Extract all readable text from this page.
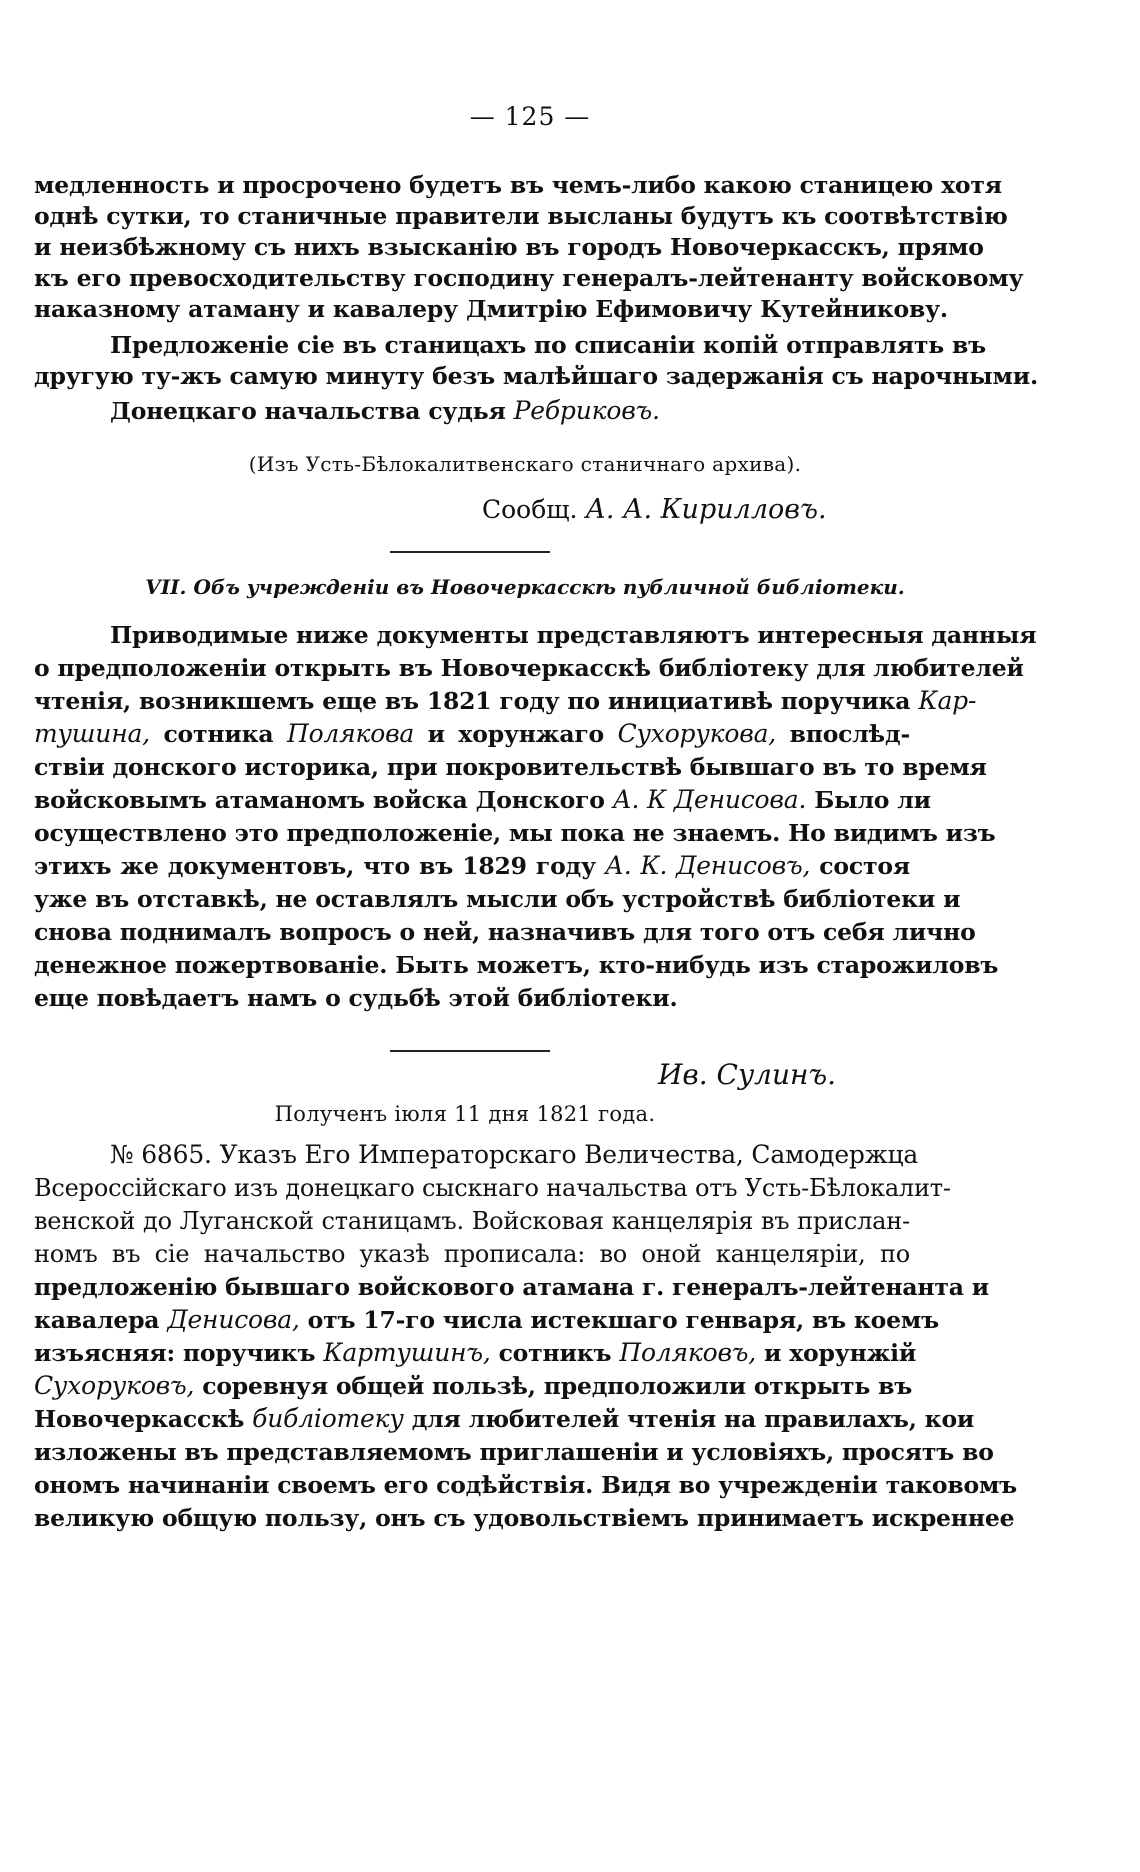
— 125 —
медленность и просрочено будетъ въ чемъ-либо какою станицею хотя
однѣ сутки, то станичные правители высланы будутъ къ соотвѣтствію
и неизбѣжному съ нихъ взысканію въ городъ Новочеркасскъ, прямо
къ его превосходительству господину генералъ-лейтенанту войсковому
наказному атаману и кавалеру Дмитрію Ефимовичу Кутейникову.
Предложеніе сіе въ станицахъ по списаніи копій отправлять въ
другую ту-жъ самую минуту безъ малѣйшаго задержанія съ нарочными.
Донецкаго начальства судья Ребриковъ.
(Изъ Усть-Бѣлокалитвенскаго станичнаго архива).
Сообщ. А. А. Кирилловъ.
VII. Объ учрежденіи въ Новочеркасскѣ публичной библіотеки.
Приводимые ниже документы представляютъ интересныя данныя
о предположеніи открыть въ Новочеркасскѣ библіотеку для любителей
чтенія, возникшемъ еще въ 1821 году по инициативѣ поручика Кар-
тушина, сотника Полякова и хорунжаго Сухорукова, впослѣд-
ствіи донского историка, при покровительствѣ бывшаго въ то время
войсковымъ атаманомъ войска Донского А. К Денисова. Было ли
осуществлено это предположеніе, мы пока не знаемъ. Но видимъ изъ
этихъ же документовъ, что въ 1829 году А. К. Денисовъ, состоя
уже въ отставкѣ, не оставлялъ мысли объ устройствѣ библіотеки и
снова поднималъ вопросъ о ней, назначивъ для того отъ себя лично
денежное пожертвованіе. Быть можетъ, кто-нибудь изъ старожиловъ
еще повѣдаетъ намъ о судьбѣ этой библіотеки.
Ив. Сулинъ.
Полученъ іюля 11 дня 1821 года.
№ 6865. Указъ Его Императорскаго Величества, Самодержца
Всероссійскаго изъ донецкаго сыскнаго начальства отъ Усть-Бѣлокалит-
венской до Луганской станицамъ. Войсковая канцелярія въ прислан-
номъ въ сіе начальство указѣ прописала: во оной канцеляріи, по
предложенію бывшаго войскового атамана г. генералъ-лейтенанта и
кавалера Денисова, отъ 17-го числа истекшаго генваря, въ коемъ
изъясняя: поручикъ Картушинъ, сотникъ Поляковъ, и хорунжій
Сухоруковъ, соревнуя общей пользѣ, предположили открыть въ
Новочеркасскѣ библіотеку для любителей чтенія на правилахъ, кои
изложены въ представляемомъ приглашеніи и условіяхъ, просятъ во
ономъ начинаніи своемъ его содѣйствія. Видя во учрежденіи таковомъ
великую общую пользу, онъ съ удовольствіемъ принимаетъ искреннее
